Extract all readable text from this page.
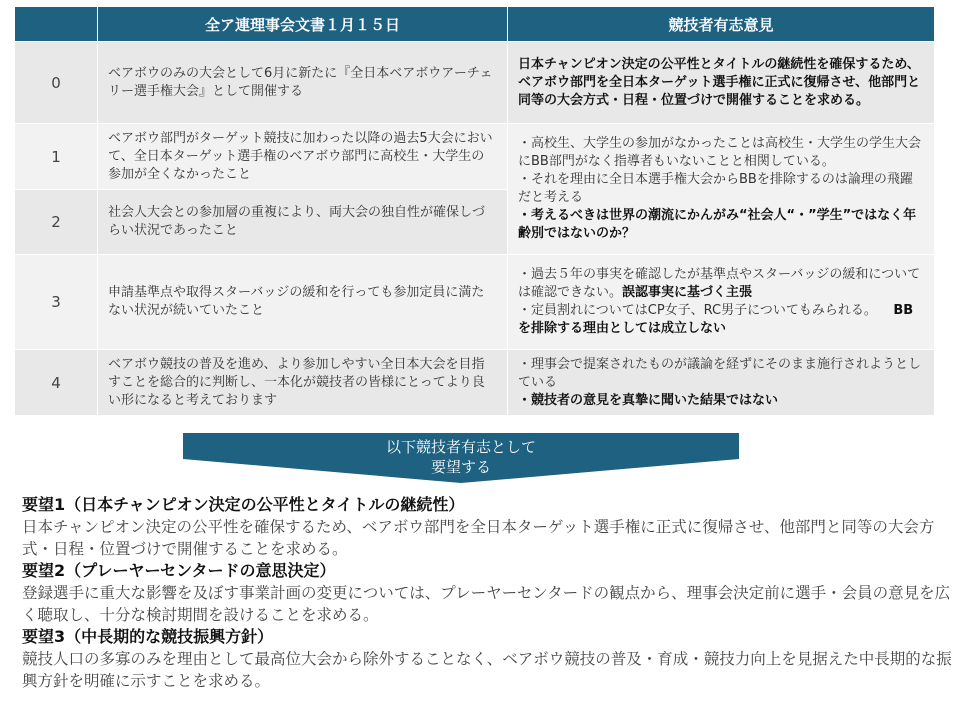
	全ア連理事会文書１月１５日	競技者有志意見
0	ベアボウのみの大会として6月に新たに『全日本ベアボウアーチェリー選手権大会』として開催する	日本チャンピオン決定の公平性とタイトルの継続性を確保するため、ベアボウ部門を全日本ターゲット選手権に正式に復帰させ、他部門と同等の大会方式・日程・位置づけで開催することを求める。
1	ベアボウ部門がターゲット競技に加わった以降の過去5大会において、全日本ターゲット選手権のベアボウ部門に高校生・大学生の参加が全くなかったこと	・高校生、大学生の参加がなかったことは高校生・大学生の学生大会にBB部門がなく指導者もいないことと相関している。
・それを理由に全日本選手権大会からBBを排除するのは論理の飛躍だと考える
・考えるべきは世界の潮流にかんがみ“社会人“・”学生”ではなく年齢別ではないのか？

2	社会人大会との参加層の重複により、両大会の独自性が確保しづらい状況であったこと	
3	申請基準点や取得スターバッジの緩和を行っても参加定員に満たない状況が続いていたこと	・過去５年の事実を確認したが基準点やスターバッジの緩和については確認できない。誤認事実に基づく主張
・定員割れについてはCP女子、RC男子についてもみられる。 BBを排除する理由としては成立しない

4	ベアボウ競技の普及を進め、より参加しやすい全日本大会を目指すことを総合的に判断し、一本化が競技者の皆様にとってより良い形になると考えております	・理事会で提案されたものが議論を経ずにそのまま施行されようとしている
・競技者の意見を真摯に聞いた結果ではない
以下競技者有志として
要望する
要望1（日本チャンピオン決定の公平性とタイトルの継続性）
日本チャンピオン決定の公平性を確保するため、ベアボウ部門を全日本ターゲット選手権に正式に復帰させ、他部門と同等の大会方式・日程・位置づけで開催することを求める。
要望2（プレーヤーセンタードの意思決定）
登録選手に重大な影響を及ぼす事業計画の変更については、プレーヤーセンタードの観点から、理事会決定前に選手・会員の意見を広く聴取し、十分な検討期間を設けることを求める。
要望3（中長期的な競技振興方針）
競技人口の多寡のみを理由として最高位大会から除外することなく、ベアボウ競技の普及・育成・競技力向上を見据えた中長期的な振興方針を明確に示すことを求める。
